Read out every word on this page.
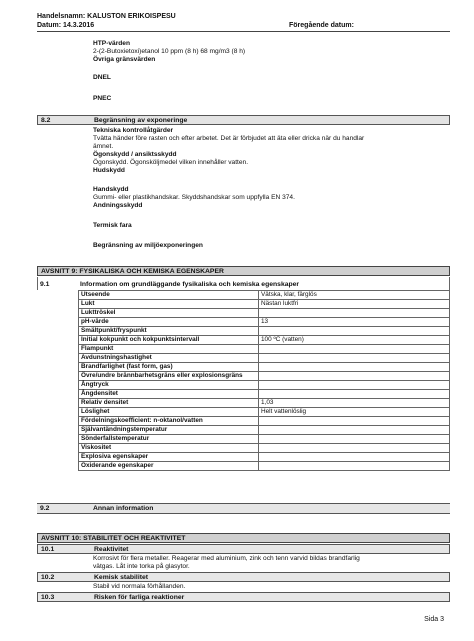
Handelsnamn: KALUSTON ERIKOISPESU
Datum: 14.3.2016	Föregående datum:
HTP-värden
2-(2-Butoxietoxi)etanol 10 ppm (8 h) 68 mg/m3 (8 h)
Övriga gränsvärden
DNEL
PNEC
8.2	Begränsning av exponeringe
Tekniska kontrollåtgärder
Tvätta händer före rasten och efter arbetet. Det är förbjudet att äta eller dricka när du handlar
ämnet.
Ögonskydd / ansiktsskydd
Ögonskydd. Ögonsköljmedel vilken innehåller vatten.
Hudskydd
Handskydd
Gummi- eller plastikhandskar. Skyddshandskar som uppfylla EN 374.
Andningsskydd
Termisk fara
Begränsning av miljöexponeringen
AVSNITT 9: FYSIKALISKA OCH KEMISKA EGENSKAPER
9.1	Information om grundläggande fysikaliska och kemiska egenskaper
Utseende	Vätska, klar, färglös
Lukt	Nästan luktfri
Lukttröskel	
pH-värde	13
Smältpunkt/fryspunkt	
Initial kokpunkt och kokpunktsintervall	100 ºC (vatten)
Flampunkt	
Avdunstningshastighet	
Brandfarlighet (fast form, gas)	
Övre/undre brännbarhetsgräns eller explosionsgräns	
Ångtryck	
Ångdensitet	
Relativ densitet	1,03
Löslighet	Helt vattenlöslig
Fördelningskoefficient: n-oktanol/vatten	
Självantändningstemperatur	
Sönderfallstemperatur	
Viskositet	
Explosiva egenskaper	
Oxiderande egenskaper	
9.2	Annan information
AVSNITT 10: STABILITET OCH REAKTIVITET
10.1	Reaktivitet
Korrosivt för flera metaller. Reagerar med aluminium, zink och tenn varvid bildas brandfarlig
vätgas. Låt inte torka på glasytor.
10.2	Kemisk stabilitet
Stabil vid normala förhållanden.
10.3	Risken för farliga reaktioner
Sida 3
